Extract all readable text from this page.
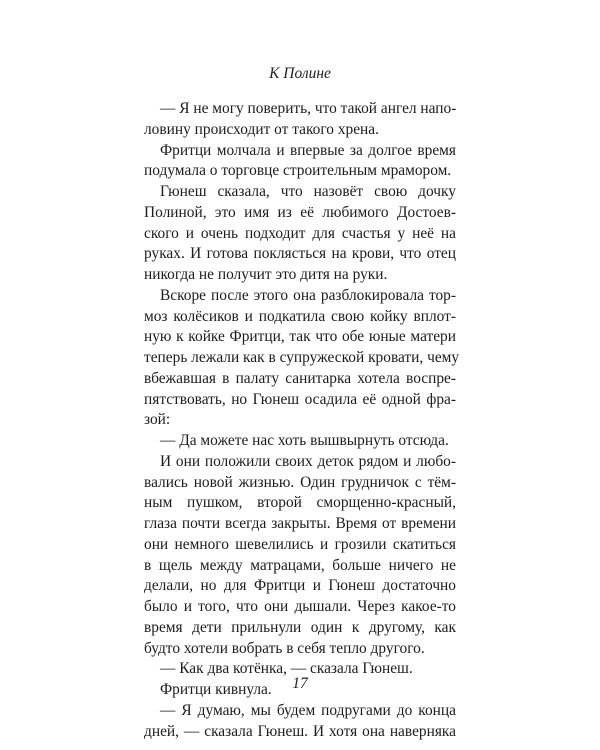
К Полине
— Я не могу поверить, что такой ангел напо-
ловину происходит от такого хрена.
Фритци молчала и впервые за долгое время
подумала о торговце строительным мрамором.
Гюнеш сказала, что назовёт свою дочку
Полиной, это имя из её любимого Достоев-
ского и очень подходит для счастья у неё на
руках. И готова поклясться на крови, что отец
никогда не получит это дитя на руки.
Вскоре после этого она разблокировала тор-
моз колёсиков и подкатила свою койку вплот-
ную к койке Фритци, так что обе юные матери
теперь лежали как в супружеской кровати, чему
вбежавшая в палату санитарка хотела воспре-
пятствовать, но Гюнеш осадила её одной фра-
зой:
— Да можете нас хоть вышвырнуть отсюда.
И они положили своих деток рядом и любо-
вались новой жизнью. Один грудничок с тём-
ным пушком, второй сморщенно-красный,
глаза почти всегда закрыты. Время от времени
они немного шевелились и грозили скатиться
в щель между матрацами, больше ничего не
делали, но для Фритци и Гюнеш достаточно
было и того, что они дышали. Через какое-то
время дети прильнули один к другому, как
будто хотели вобрать в себя тепло другого.
— Как два котёнка, — сказала Гюнеш.
Фритци кивнула.
— Я думаю, мы будем подругами до конца
дней, — сказала Гюнеш. И хотя она наверняка
17
